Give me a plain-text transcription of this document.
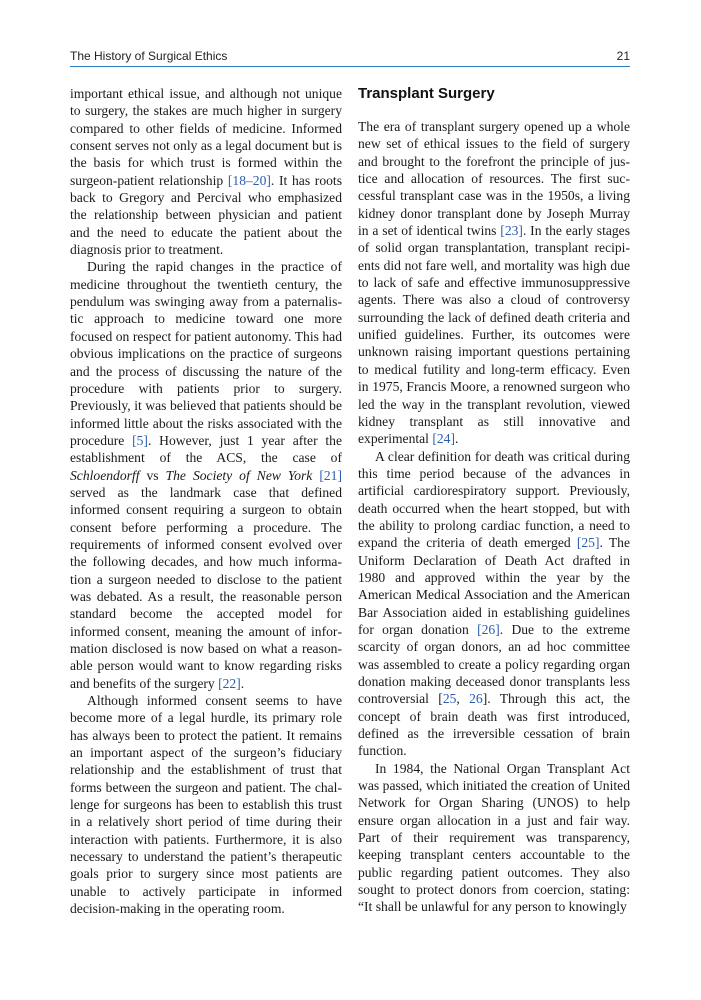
The History of Surgical Ethics	21

important ethical issue, and although not unique to surgery, the stakes are much higher in surgery compared to other fields of medicine. Informed consent serves not only as a legal document but is the basis for which trust is formed within the surgeon-patient relationship [18–20]. It has roots back to Gregory and Percival who emphasized the relationship between physician and patient and the need to educate the patient about the diagnosis prior to treatment.

During the rapid changes in the practice of medicine throughout the twentieth century, the pendulum was swinging away from a paternalistic approach to medicine toward one more focused on respect for patient autonomy. This had obvious implications on the practice of surgeons and the process of discussing the nature of the procedure with patients prior to surgery. Previously, it was believed that patients should be informed little about the risks associated with the procedure [5]. However, just 1 year after the establishment of the ACS, the case of Schloendorff vs The Society of New York [21] served as the landmark case that defined informed consent requiring a surgeon to obtain consent before performing a procedure. The requirements of informed consent evolved over the following decades, and how much information a surgeon needed to disclose to the patient was debated. As a result, the reasonable person standard become the accepted model for informed consent, meaning the amount of information disclosed is now based on what a reasonable person would want to know regarding risks and benefits of the surgery [22].

Although informed consent seems to have become more of a legal hurdle, its primary role has always been to protect the patient. It remains an important aspect of the surgeon’s fiduciary relationship and the establishment of trust that forms between the surgeon and patient. The challenge for surgeons has been to establish this trust in a relatively short period of time during their interaction with patients. Furthermore, it is also necessary to understand the patient’s therapeutic goals prior to surgery since most patients are unable to actively participate in informed decision-making in the operating room.

Transplant Surgery

The era of transplant surgery opened up a whole new set of ethical issues to the field of surgery and brought to the forefront the principle of justice and allocation of resources. The first successful transplant case was in the 1950s, a living kidney donor transplant done by Joseph Murray in a set of identical twins [23]. In the early stages of solid organ transplantation, transplant recipients did not fare well, and mortality was high due to lack of safe and effective immunosuppressive agents. There was also a cloud of controversy surrounding the lack of defined death criteria and unified guidelines. Further, its outcomes were unknown raising important questions pertaining to medical futility and long-term efficacy. Even in 1975, Francis Moore, a renowned surgeon who led the way in the transplant revolution, viewed kidney transplant as still innovative and experimental [24].

A clear definition for death was critical during this time period because of the advances in artificial cardiorespiratory support. Previously, death occurred when the heart stopped, but with the ability to prolong cardiac function, a need to expand the criteria of death emerged [25]. The Uniform Declaration of Death Act drafted in 1980 and approved within the year by the American Medical Association and the American Bar Association aided in establishing guidelines for organ donation [26]. Due to the extreme scarcity of organ donors, an ad hoc committee was assembled to create a policy regarding organ donation making deceased donor transplants less controversial [25, 26]. Through this act, the concept of brain death was first introduced, defined as the irreversible cessation of brain function.

In 1984, the National Organ Transplant Act was passed, which initiated the creation of United Network for Organ Sharing (UNOS) to help ensure organ allocation in a just and fair way. Part of their requirement was transparency, keeping transplant centers accountable to the public regarding patient outcomes. They also sought to protect donors from coercion, stating: “It shall be unlawful for any person to knowingly
